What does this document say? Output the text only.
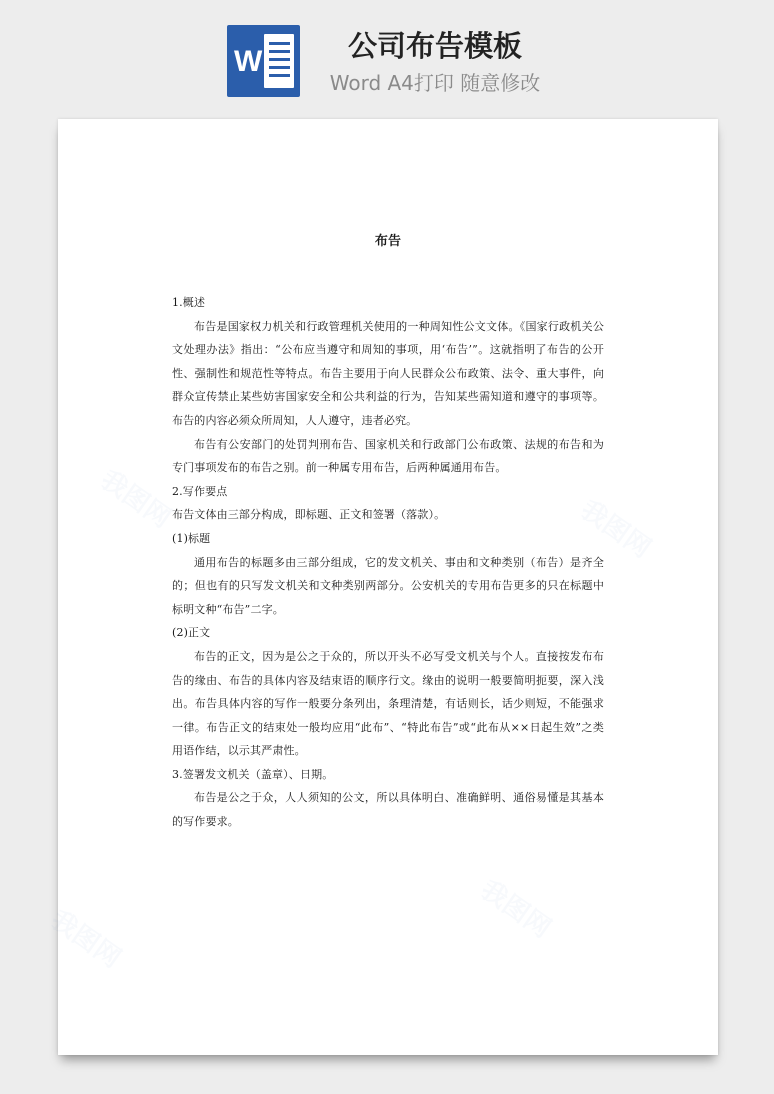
W	公司布告模板
Word A4打印 随意修改
我图网	我图网
我图网
我图网
布告

1.概述

布告是国家权力机关和行政管理机关使用的一种周知性公文文体。《国家行政机关公文处理办法》指出：“公布应当遵守和周知的事项，用‘布告’”。这就指明了布告的公开性、强制性和规范性等特点。布告主要用于向人民群众公布政策、法令、重大事件，向群众宣传禁止某些妨害国家安全和公共利益的行为，告知某些需知道和遵守的事项等。布告的内容必须众所周知，人人遵守，违者必究。

布告有公安部门的处罚判刑布告、国家机关和行政部门公布政策、法规的布告和为专门事项发布的布告之别。前一种属专用布告，后两种属通用布告。

2.写作要点

布告文体由三部分构成，即标题、正文和签署（落款）。

(1)标题

通用布告的标题多由三部分组成，它的发文机关、事由和文种类别（布告）是齐全的；但也有的只写发文机关和文种类别两部分。公安机关的专用布告更多的只在标题中标明文种“布告”二字。

(2)正文

布告的正文，因为是公之于众的，所以开头不必写受文机关与个人。直接按发布布告的缘由、布告的具体内容及结束语的顺序行文。缘由的说明一般要简明扼要，深入浅出。布告具体内容的写作一般要分条列出，条理清楚，有话则长，话少则短，不能强求一律。布告正文的结束处一般均应用“此布”、“特此布告”或“此布从××日起生效”之类用语作结，以示其严肃性。

3.签署发文机关（盖章）、日期。

布告是公之于众，人人须知的公文，所以具体明白、准确鲜明、通俗易懂是其基本的写作要求。
